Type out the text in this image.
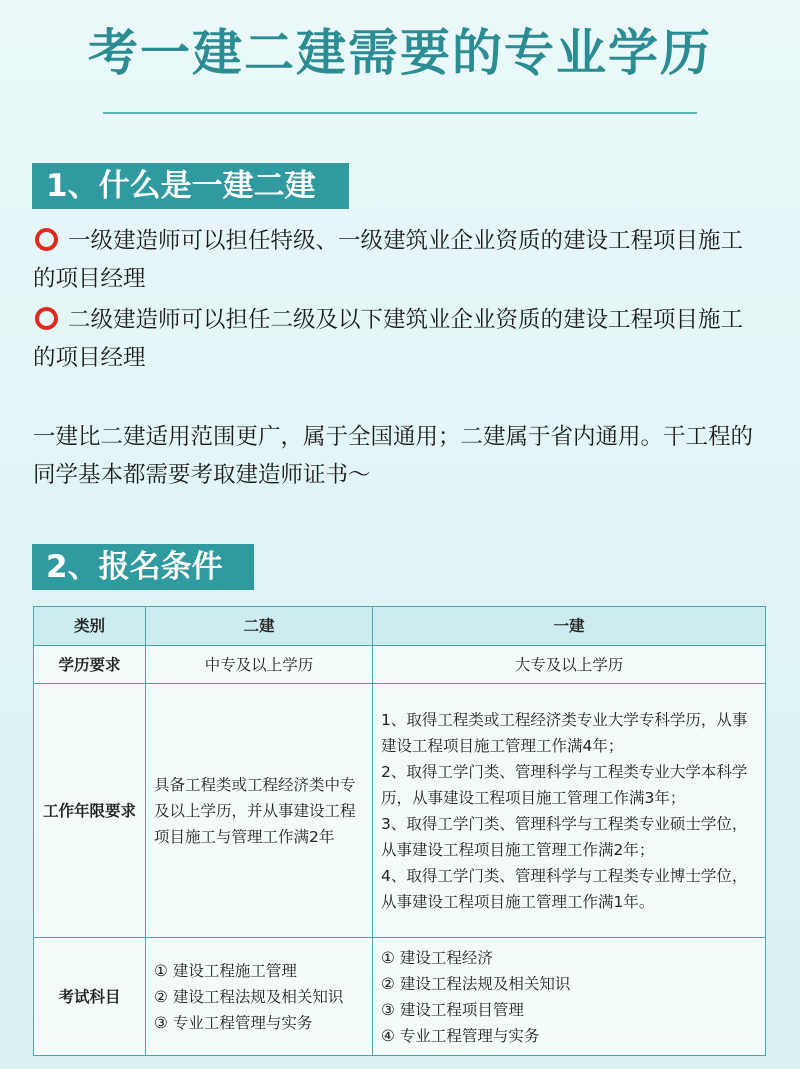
考一建二建需要的专业学历
1、什么是一建二建
一级建造师可以担任特级、一级建筑业企业资质的建设工程项目施工的项目经理
二级建造师可以担任二级及以下建筑业企业资质的建设工程项目施工的项目经理
一建比二建适用范围更广，属于全国通用；二建属于省内通用。干工程的同学基本都需要考取建造师证书～
2、报名条件
类别	二建	一建
学历要求	中专及以上学历	大专及以上学历
工作年限要求	具备工程类或工程经济类中专及以上学历，并从事建设工程项目施工与管理工作满2年	1、取得工程类或工程经济类专业大学专科学历，从事建设工程项目施工管理工作满4年；
2、取得工学门类、管理科学与工程类专业大学本科学历，从事建设工程项目施工管理工作满3年；
3、取得工学门类、管理科学与工程类专业硕士学位，从事建设工程项目施工管理工作满2年；
4、取得工学门类、管理科学与工程类专业博士学位，从事建设工程项目施工管理工作满1年。

考试科目	① 建设工程施工管理
② 建设工程法规及相关知识
③ 专业工程管理与实务	① 建设工程经济
② 建设工程法规及相关知识
③ 建设工程项目管理
④ 专业工程管理与实务
